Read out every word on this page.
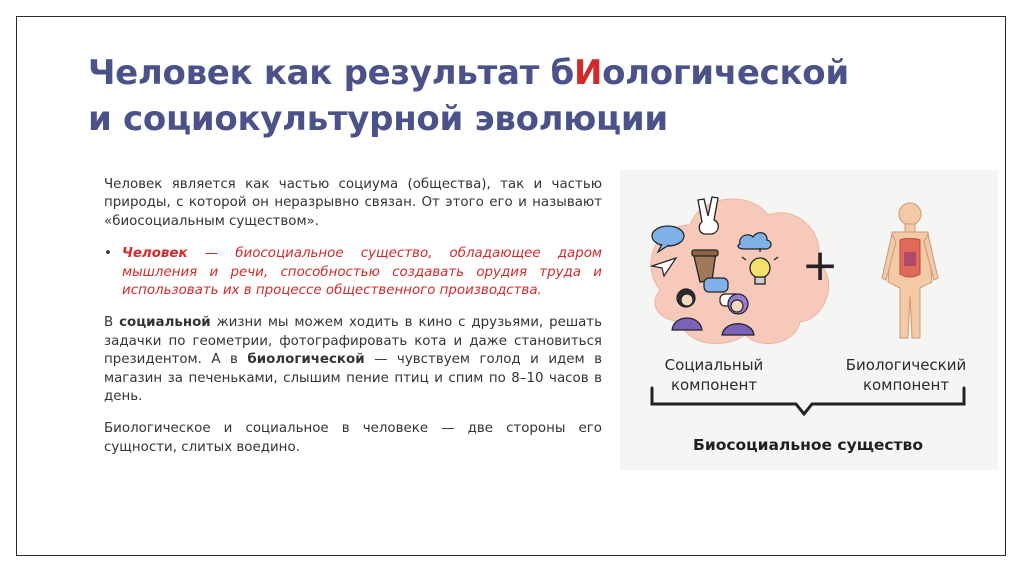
Человек как результат бИологической
и социокультурной эволюции

Человек является как частью социума (общества), так и частью природы, с которой он неразрывно связан. От этого его и называют «биосоциальным существом».

• Человек — биосоциальное существо, обладающее даром мышления и речи, способностью создавать орудия труда и использовать их в процессе общественного производства.

В социальной жизни мы можем ходить в кино с друзьями, решать задачки по геометрии, фотографировать кота и даже становиться президентом. А в биологической — чувствуем голод и идем в магазин за печеньками, слышим пение птиц и спим по 8–10 часов в день.

Биологическое и социальное в человеке — две стороны его сущности, слитых воедино.

+
Социальный
компонент
Биологический
компонент
Биосоциальное существо
